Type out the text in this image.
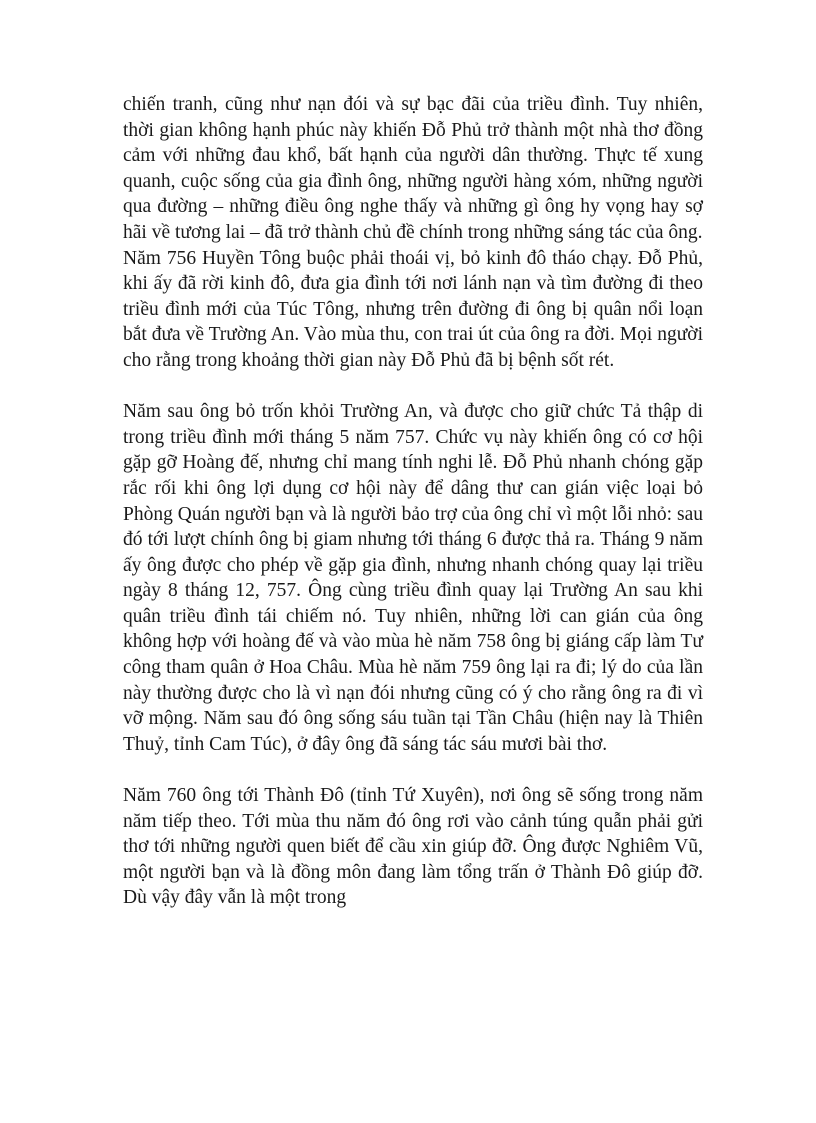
chiến tranh, cũng như nạn đói và sự bạc đãi của triều đình. Tuy nhiên, thời gian không hạnh phúc này khiến Đỗ Phủ trở thành một nhà thơ đồng cảm với những đau khổ, bất hạnh của người dân thường. Thực tế xung quanh, cuộc sống của gia đình ông, những người hàng xóm, những người qua đường – những điều ông nghe thấy và những gì ông hy vọng hay sợ hãi về tương lai – đã trở thành chủ đề chính trong những sáng tác của ông.

Năm 756 Huyền Tông buộc phải thoái vị, bỏ kinh đô tháo chạy. Đỗ Phủ, khi ấy đã rời kinh đô, đưa gia đình tới nơi lánh nạn và tìm đường đi theo triều đình mới của Túc Tông, nhưng trên đường đi ông bị quân nổi loạn bắt đưa về Trường An. Vào mùa thu, con trai út của ông ra đời. Mọi người cho rằng trong khoảng thời gian này Đỗ Phủ đã bị bệnh sốt rét.

Năm sau ông bỏ trốn khỏi Trường An, và được cho giữ chức Tả thập di trong triều đình mới tháng 5 năm 757. Chức vụ này khiến ông có cơ hội gặp gỡ Hoàng đế, nhưng chỉ mang tính nghi lễ. Đỗ Phủ nhanh chóng gặp rắc rối khi ông lợi dụng cơ hội này để dâng thư can gián việc loại bỏ Phòng Quán người bạn và là người bảo trợ của ông chỉ vì một lỗi nhỏ: sau đó tới lượt chính ông bị giam nhưng tới tháng 6 được thả ra. Tháng 9 năm ấy ông được cho phép về gặp gia đình, nhưng nhanh chóng quay lại triều ngày 8 tháng 12, 757. Ông cùng triều đình quay lại Trường An sau khi quân triều đình tái chiếm nó. Tuy nhiên, những lời can gián của ông không hợp với hoàng đế và vào mùa hè năm 758 ông bị giáng cấp làm Tư công tham quân ở Hoa Châu. Mùa hè năm 759 ông lại ra đi; lý do của lần này thường được cho là vì nạn đói nhưng cũng có ý cho rằng ông ra đi vì vỡ mộng. Năm sau đó ông sống sáu tuần tại Tần Châu (hiện nay là Thiên Thuỷ, tỉnh Cam Túc), ở đây ông đã sáng tác sáu mươi bài thơ.

Năm 760 ông tới Thành Đô (tỉnh Tứ Xuyên), nơi ông sẽ sống trong năm năm tiếp theo. Tới mùa thu năm đó ông rơi vào cảnh túng quẫn phải gửi thơ tới những người quen biết để cầu xin giúp đỡ. Ông được Nghiêm Vũ, một người bạn và là đồng môn đang làm tổng trấn ở Thành Đô giúp đỡ. Dù vậy đây vẫn là một trong
